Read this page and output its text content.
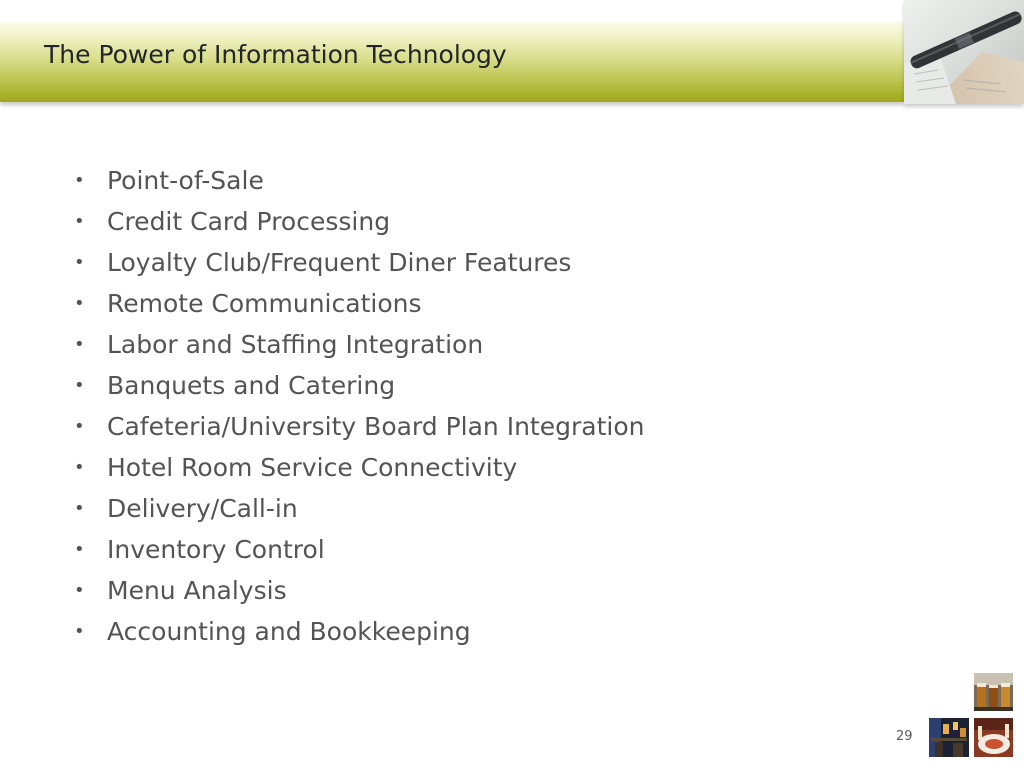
The Power of Information Technology
• Point-of-Sale
• Credit Card Processing
• Loyalty Club/Frequent Diner Features
• Remote Communications
• Labor and Staffing Integration
• Banquets and Catering
• Cafeteria/University Board Plan Integration
• Hotel Room Service Connectivity
• Delivery/Call-in
• Inventory Control
• Menu Analysis
• Accounting and Bookkeeping
29
